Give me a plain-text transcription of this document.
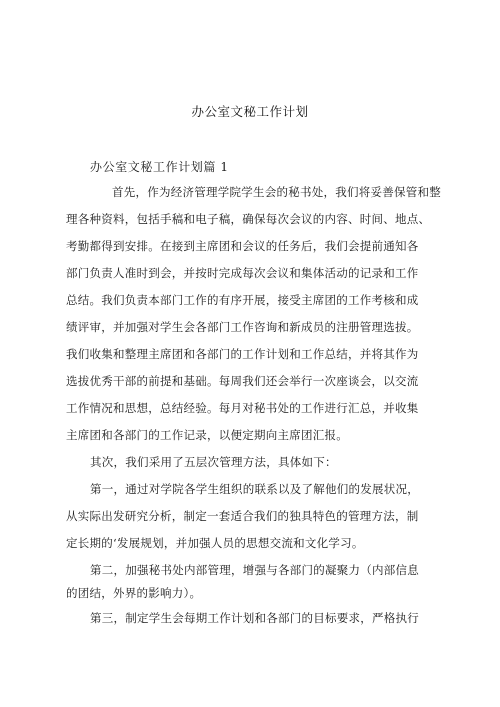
办公室文秘工作计划
办公室文秘工作计划篇 1
首先，作为经济管理学院学生会的秘书处，我们将妥善保管和整
理各种资料，包括手稿和电子稿，确保每次会议的内容、时间、地点、
考勤都得到安排。在接到主席团和会议的任务后，我们会提前通知各
部门负责人准时到会，并按时完成每次会议和集体活动的记录和工作
总结。我们负责本部门工作的有序开展，接受主席团的工作考核和成
绩评审，并加强对学生会各部门工作咨询和新成员的注册管理选拔。
我们收集和整理主席团和各部门的工作计划和工作总结，并将其作为
选拔优秀干部的前提和基础。每周我们还会举行一次座谈会，以交流
工作情况和思想，总结经验。每月对秘书处的工作进行汇总，并收集
主席团和各部门的工作记录，以便定期向主席团汇报。
其次，我们采用了五层次管理方法，具体如下：
第一，通过对学院各学生组织的联系以及了解他们的发展状况，
从实际出发研究分析，制定一套适合我们的独具特色的管理方法，制
定长期的‘发展规划，并加强人员的思想交流和文化学习。
第二，加强秘书处内部管理，增强与各部门的凝聚力（内部信息
的团结，外界的影响力）。
第三，制定学生会每期工作计划和各部门的目标要求，严格执行
